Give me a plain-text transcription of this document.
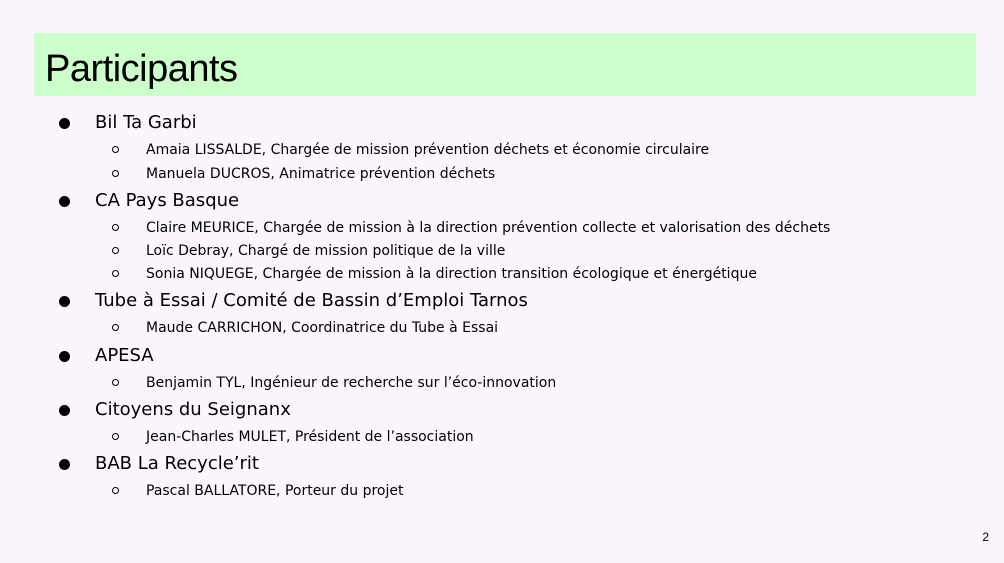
Participants
Bil Ta Garbi
Amaia LISSALDE, Chargée de mission prévention déchets et économie circulaire
Manuela DUCROS, Animatrice prévention déchets
CA Pays Basque
Claire MEURICE, Chargée de mission à la direction prévention collecte et valorisation des déchets
Loïc Debray, Chargé de mission politique de la ville
Sonia NIQUEGE, Chargée de mission à la direction transition écologique et énergétique
Tube à Essai / Comité de Bassin d’Emploi Tarnos
Maude CARRICHON, Coordinatrice du Tube à Essai
APESA
Benjamin TYL, Ingénieur de recherche sur l’éco-innovation
Citoyens du Seignanx
Jean-Charles MULET, Président de l’association
BAB La Recycle’rit
Pascal BALLATORE, Porteur du projet
2
